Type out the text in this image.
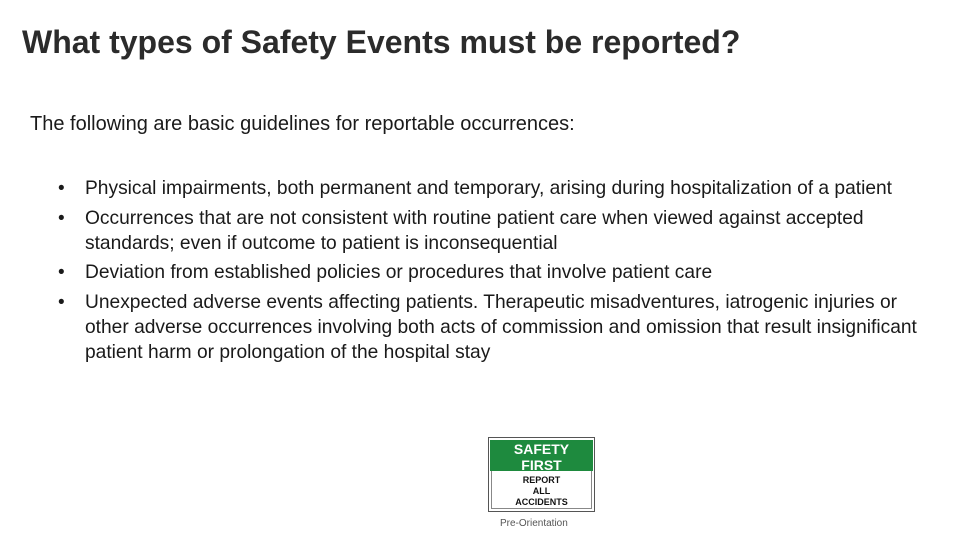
What types of Safety Events must be reported?
The following are basic guidelines for reportable occurrences:
• Physical impairments, both permanent and temporary, arising during hospitalization of a patient
• Occurrences that are not consistent with routine patient care when viewed against accepted standards; even if outcome to patient is inconsequential
• Deviation from established policies or procedures that involve patient care
• Unexpected adverse events affecting patients. Therapeutic misadventures, iatrogenic injuries or other adverse occurrences involving both acts of commission and omission that result insignificant patient harm or prolongation of the hospital stay
SAFETY
FIRST
REPORT
ALL
ACCIDENTS
Pre-Orientation
